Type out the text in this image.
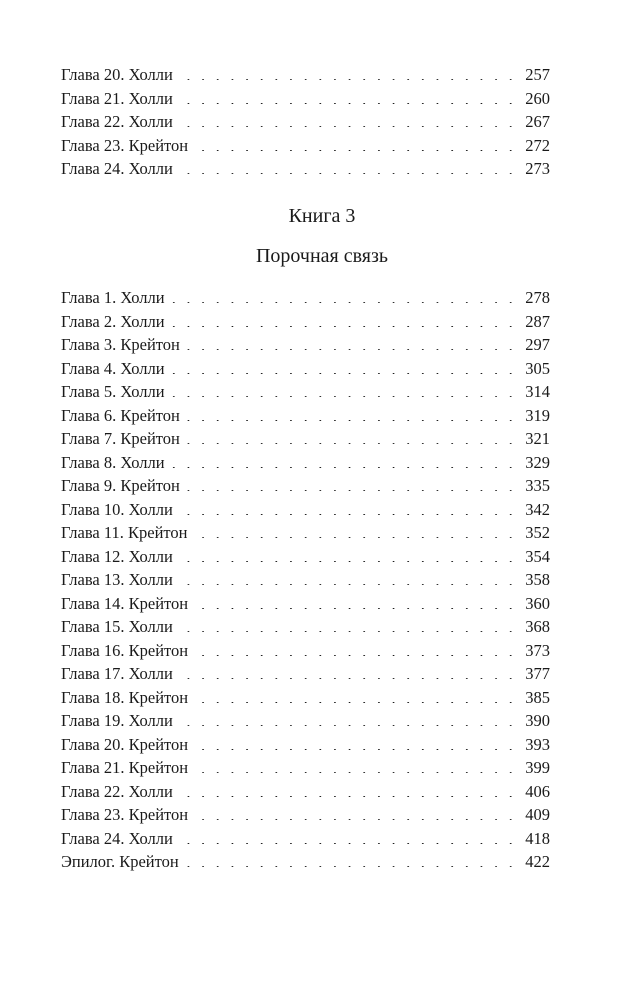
Глава 20. Холли . . .	257
Глава 21. Холли . . .	260
Глава 22. Холли . . .	267
Глава 23. Крейтон . . .	272
Глава 24. Холли . . .	273
Книга 3
Порочная связь
Глава 1. Холли . . .	278
Глава 2. Холли . . .	287
Глава 3. Крейтон . . .	297
Глава 4. Холли . . .	305
Глава 5. Холли . . .	314
Глава 6. Крейтон . . .	319
Глава 7. Крейтон . . .	321
Глава 8. Холли . . .	329
Глава 9. Крейтон . . .	335
Глава 10. Холли . . .	342
Глава 11. Крейтон . . .	352
Глава 12. Холли . . .	354
Глава 13. Холли . . .	358
Глава 14. Крейтон . . .	360
Глава 15. Холли . . .	368
Глава 16. Крейтон . . .	373
Глава 17. Холли . . .	377
Глава 18. Крейтон . . .	385
Глава 19. Холли . . .	390
Глава 20. Крейтон . . .	393
Глава 21. Крейтон . . .	399
Глава 22. Холли . . .	406
Глава 23. Крейтон . . .	409
Глава 24. Холли . . .	418
Эпилог. Крейтон . . .	422
